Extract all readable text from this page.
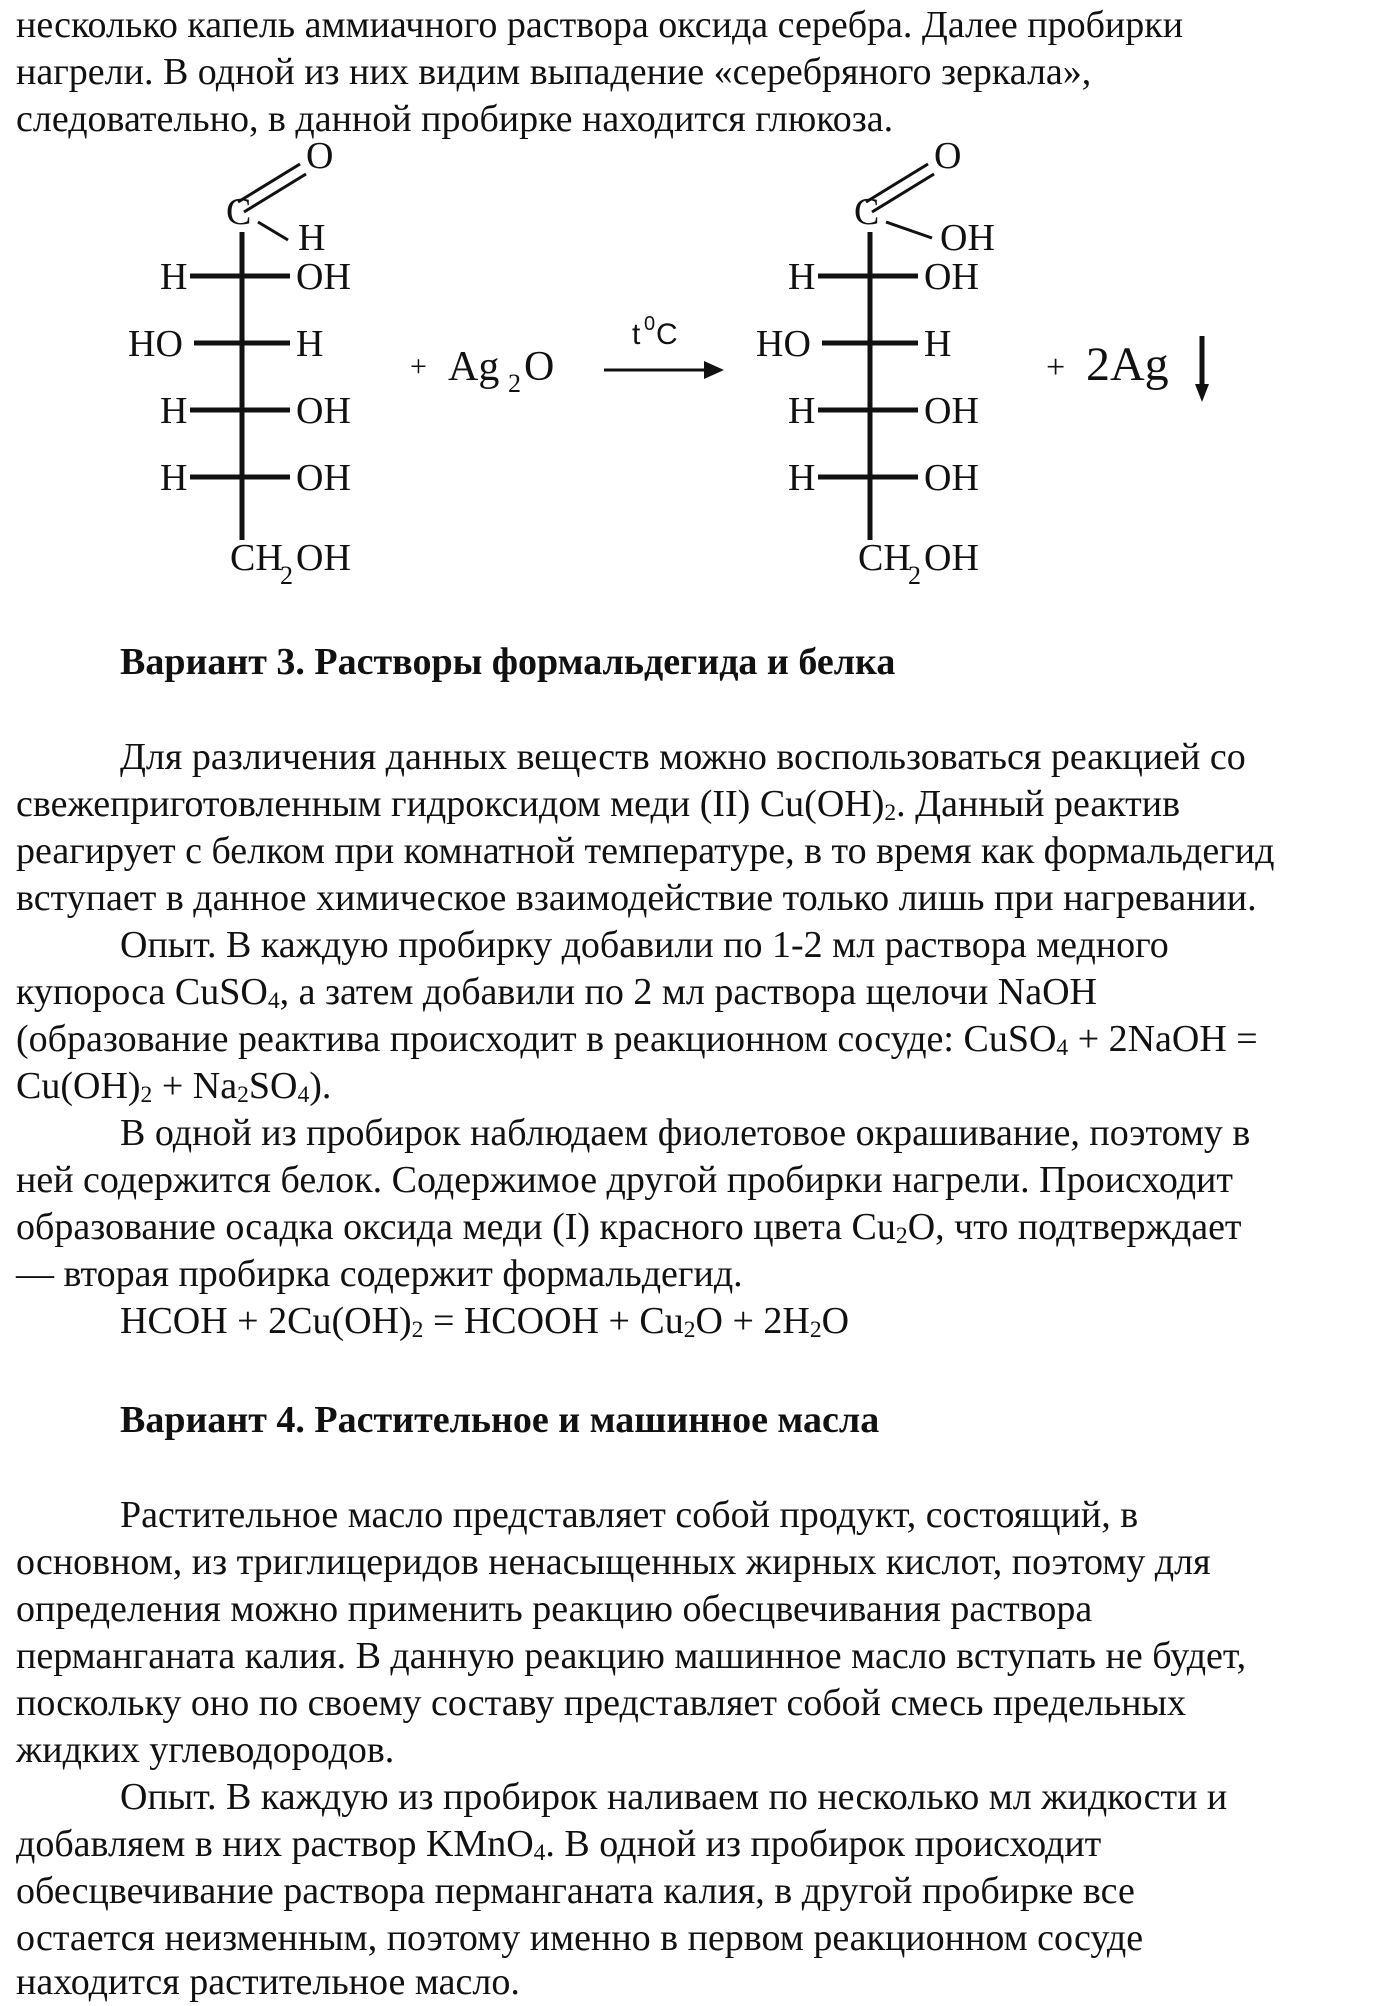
несколько капель аммиачного раствора оксида серебра. Далее пробирки
нагрели. В одной из них видим выпадение «серебряного зеркала»,
следовательно, в данной пробирке находится глюкоза.
O
C
H
H	OH
HO	H
H	OH
H	OH
CH
2 OH
+ Ag 2 O
t 0 C
O
C
OH
H	OH
HO	H
H	OH
H	OH
CH
2 OH
+ 2Ag
Вариант 3. Растворы формальдегида и белка
Для различения данных веществ можно воспользоваться реакцией со
свежеприготовленным гидроксидом меди (II) $Cu(OH)_2$. Данный реактив
реагирует с белком при комнатной температуре, в то время как формальдегид
вступает в данное химическое взаимодействие только лишь при нагревании.
Опыт. В каждую пробирку добавили по 1-2 мл раствора медного
купороса CuSO$_4$, а затем добавили по 2 мл раствора щелочи NaOH
(образование реактива происходит в реакционном сосуде: CuSO$_4$ + 2NaOH =
$Cu(OH)_2 + Na_2SO_4$).
В одной из пробирок наблюдаем фиолетовое окрашивание, поэтому в
ней содержится белок. Содержимое другой пробирки нагрели. Происходит
образование осадка оксида меди (I) красного цвета $Cu_2O$, что подтверждает
— вторая пробирка содержит формальдегид.
HCOH + $2Cu(OH)_2$ = HCOOH + $Cu_2O + 2H_2O$
Вариант 4. Растительное и машинное масла
Растительное масло представляет собой продукт, состоящий, в
основном, из триглицеридов ненасыщенных жирных кислот, поэтому для
определения можно применить реакцию обесцвечивания раствора
перманганата калия. В данную реакцию машинное масло вступать не будет,
поскольку оно по своему составу представляет собой смесь предельных
жидких углеводородов.
Опыт. В каждую из пробирок наливаем по несколько мл жидкости и
добавляем в них раствор KMnO$_4$. В одной из пробирок происходит
обесцвечивание раствора перманганата калия, в другой пробирке все
остается неизменным, поэтому именно в первом реакционном сосуде
находится растительное масло.
